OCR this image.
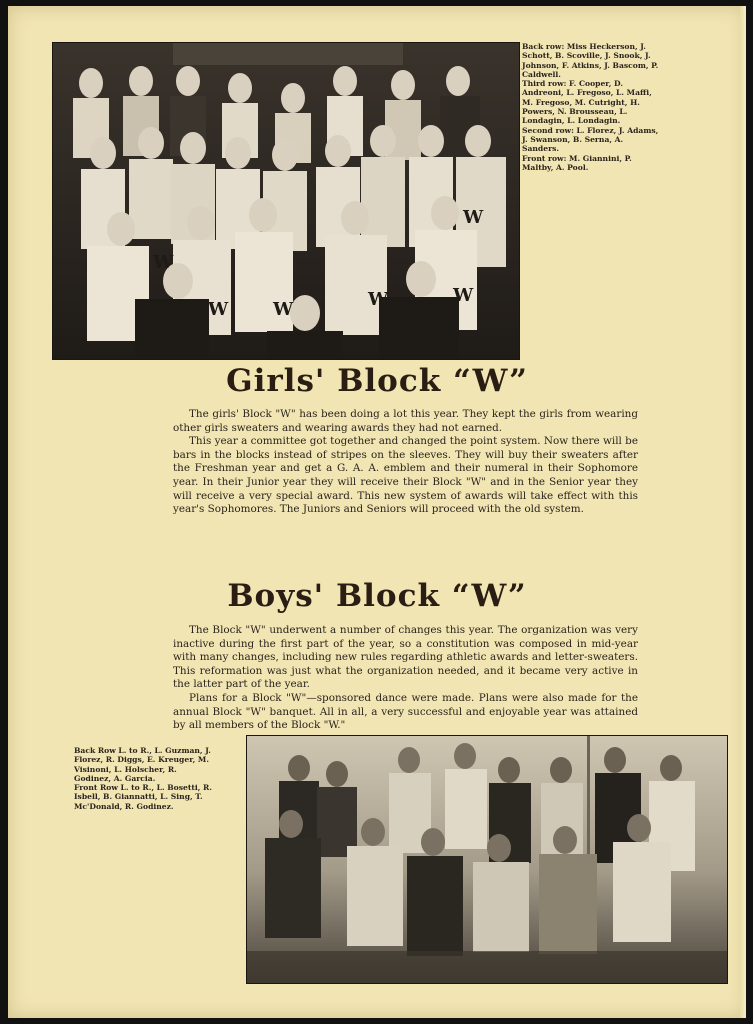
W
W W	W	W
W
Back row: Miss Heckerson, J. Schott, B. Scoville, J. Snook, J. Johnson, F. Atkins, J. Bascom, P. Caldwell.
Third row: F. Cooper, D. Andreoni, L. Fregoso, L. Maffi, M. Fregoso, M. Cutright, H. Powers, N. Brousseau, L. Londagin, L. Londagin.
Second row: L. Florez, J. Adams, J. Swanson, B. Serna, A. Sanders.
Front row: M. Giannini, P. Maltby, A. Pool.
Girls' Block “W”

The girls' Block "W" has been doing a lot this year. They kept the girls from wearing other girls sweaters and wearing awards they had not earned.

This year a committee got together and changed the point system. Now there will be bars in the blocks instead of stripes on the sleeves. They will buy their sweaters after the Freshman year and get a G. A. A. emblem and their numeral in their Sophomore year. In their Junior year they will receive their Block "W" and in the Senior year they will receive a very special award. This new system of awards will take effect with this year's Sophomores. The Juniors and Seniors will proceed with the old system.

Boys' Block “W”

The Block "W" underwent a number of changes this year. The organization was very inactive during the first part of the year, so a constitution was composed in mid-year with many changes, including new rules regarding athletic awards and letter-sweaters. This reformation was just what the organization needed, and it became very active in the latter part of the year.

Plans for a Block "W"—sponsored dance were made. Plans were also made for the annual Block "W" banquet. All in all, a very successful and enjoyable year was attained by all members of the Block "W."

Back Row L. to R., L. Guzman, J. Florez, R. Diggs, E. Kreuger, M. Visinoni, L. Holscher, R. Godinez, A. Garcia.
Front Row L. to R., L. Bosetti, R. Isbell, B. Giannatti, L. Sing, T. Mc'Donald, R. Godinez.
